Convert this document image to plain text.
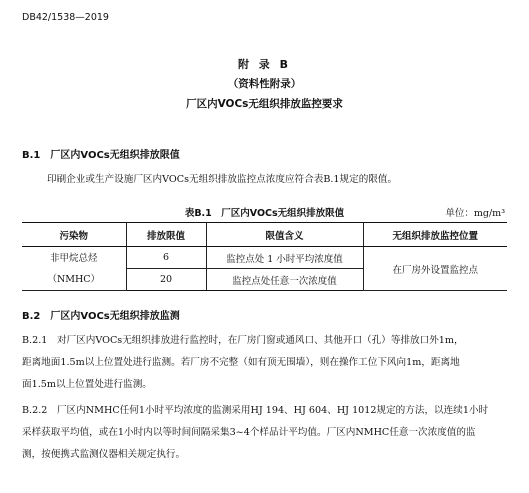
DB42/1538—2019
附 录 B
（资料性附录）
厂区内VOCs无组织排放监控要求
B.1　厂区内VOCs无组织排放限值
印刷企业或生产设施厂区内VOCs无组织排放监控点浓度应符合表B.1规定的限值。
表B.1　厂区内VOCs无组织排放限值	单位：mg/m³
污染物	排放限值	限值含义	无组织排放监控位置
非甲烷总烃
（NMHC）	6	监控点处 1 小时平均浓度值	在厂房外设置监控点
	20	监控点处任意一次浓度值	
B.2　厂区内VOCs无组织排放监测
B.2.1　对厂区内VOCs无组织排放进行监控时，在厂房门窗或通风口、其他开口（孔）等排放口外1m，
距离地面1.5m以上位置处进行监测。若厂房不完整（如有顶无围墙），则在操作工位下风向1m，距离地
面1.5m以上位置处进行监测。
B.2.2　厂区内NMHC任何1小时平均浓度的监测采用HJ 194、HJ 604、HJ 1012规定的方法，以连续1小时
采样获取平均值，或在1小时内以等时间间隔采集3~4个样品计平均值。厂区内NMHC任意一次浓度值的监
测，按便携式监测仪器相关规定执行。
